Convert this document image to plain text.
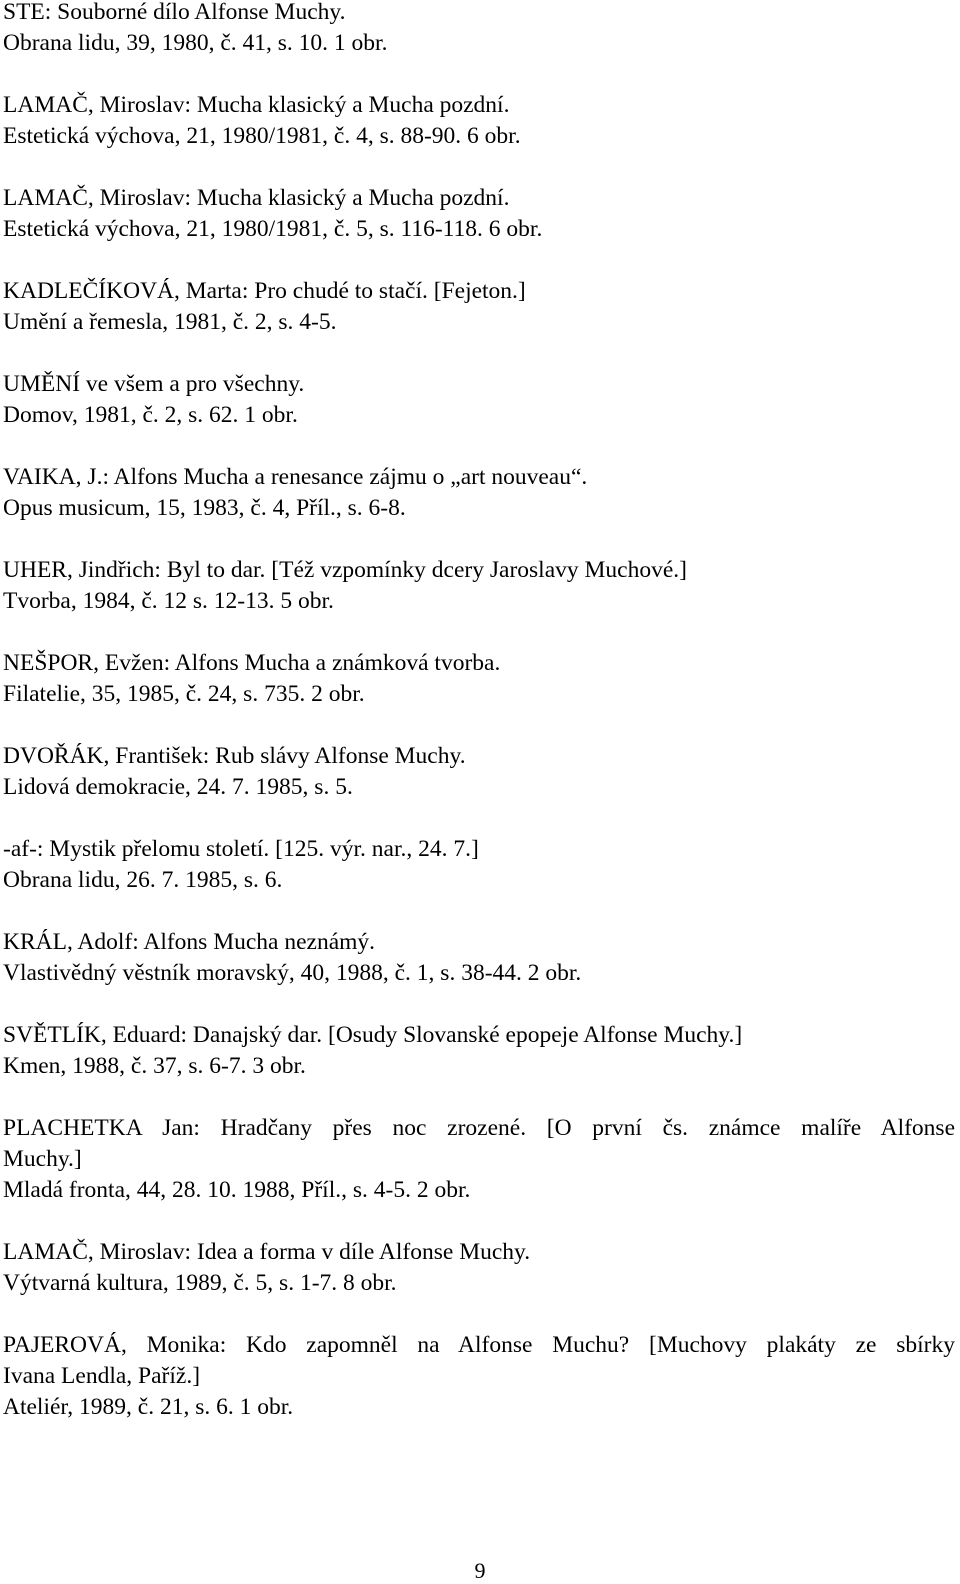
STE: Souborné dílo Alfonse Muchy.
Obrana lidu, 39, 1980, č. 41, s. 10. 1 obr.
LAMAČ, Miroslav: Mucha klasický a Mucha pozdní.
Estetická výchova, 21, 1980/1981, č. 4, s. 88-90. 6 obr.
LAMAČ, Miroslav: Mucha klasický a Mucha pozdní.
Estetická výchova, 21, 1980/1981, č. 5, s. 116-118. 6 obr.
KADLEČÍKOVÁ, Marta: Pro chudé to stačí. [Fejeton.]
Umění a řemesla, 1981, č. 2, s. 4-5.
UMĚNÍ ve všem a pro všechny.
Domov, 1981, č. 2, s. 62. 1 obr.
VAIKA, J.: Alfons Mucha a renesance zájmu o „art nouveau“.
Opus musicum, 15, 1983, č. 4, Příl., s. 6-8.
UHER, Jindřich: Byl to dar. [Též vzpomínky dcery Jaroslavy Muchové.]
Tvorba, 1984, č. 12 s. 12-13. 5 obr.
NEŠPOR, Evžen: Alfons Mucha a známková tvorba.
Filatelie, 35, 1985, č. 24, s. 735. 2 obr.
DVOŘÁK, František: Rub slávy Alfonse Muchy.
Lidová demokracie, 24. 7. 1985, s. 5.
-af-: Mystik přelomu století. [125. výr. nar., 24. 7.]
Obrana lidu, 26. 7. 1985, s. 6.
KRÁL, Adolf: Alfons Mucha neznámý.
Vlastivědný věstník moravský, 40, 1988, č. 1, s. 38-44. 2 obr.
SVĚTLÍK, Eduard: Danajský dar. [Osudy Slovanské epopeje Alfonse Muchy.]
Kmen, 1988, č. 37, s. 6-7. 3 obr.
PLACHETKA Jan: Hradčany přes noc zrozené. [O první čs. známce malíře Alfonse
Muchy.]
Mladá fronta, 44, 28. 10. 1988, Příl., s. 4-5. 2 obr.
LAMAČ, Miroslav: Idea a forma v díle Alfonse Muchy.
Výtvarná kultura, 1989, č. 5, s. 1-7. 8 obr.
PAJEROVÁ, Monika: Kdo zapomněl na Alfonse Muchu? [Muchovy plakáty ze sbírky
Ivana Lendla, Paříž.]
Ateliér, 1989, č. 21, s. 6. 1 obr.
9
